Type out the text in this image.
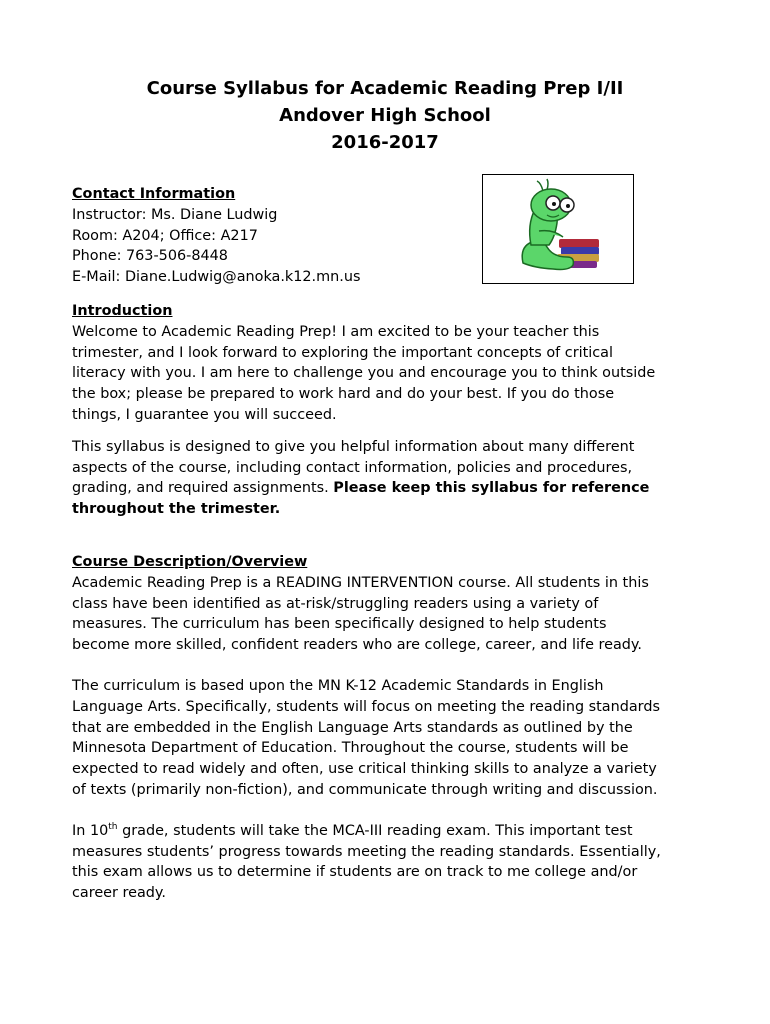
Course Syllabus for Academic Reading Prep I/II
Andover High School
2016-2017
Contact Information
Instructor: Ms. Diane Ludwig
Room: A204; Office: A217
Phone: 763-506-8448
E-Mail: Diane.Ludwig@anoka.k12.mn.us
Introduction
Welcome to Academic Reading Prep! I am excited to be your teacher this
trimester, and I look forward to exploring the important concepts of critical
literacy with you. I am here to challenge you and encourage you to think outside
the box; please be prepared to work hard and do your best. If you do those
things, I guarantee you will succeed.
This syllabus is designed to give you helpful information about many different
aspects of the course, including contact information, policies and procedures,
grading, and required assignments. Please keep this syllabus for reference
throughout the trimester.
Course Description/Overview
Academic Reading Prep is a READING INTERVENTION course. All students in this
class have been identified as at-risk/struggling readers using a variety of
measures. The curriculum has been specifically designed to help students
become more skilled, confident readers who are college, career, and life ready.
The curriculum is based upon the MN K-12 Academic Standards in English
Language Arts. Specifically, students will focus on meeting the reading standards
that are embedded in the English Language Arts standards as outlined by the
Minnesota Department of Education. Throughout the course, students will be
expected to read widely and often, use critical thinking skills to analyze a variety
of texts (primarily non-fiction), and communicate through writing and discussion.
In 10th grade, students will take the MCA-III reading exam. This important test
measures students’ progress towards meeting the reading standards. Essentially,
this exam allows us to determine if students are on track to me college and/or
career ready.
